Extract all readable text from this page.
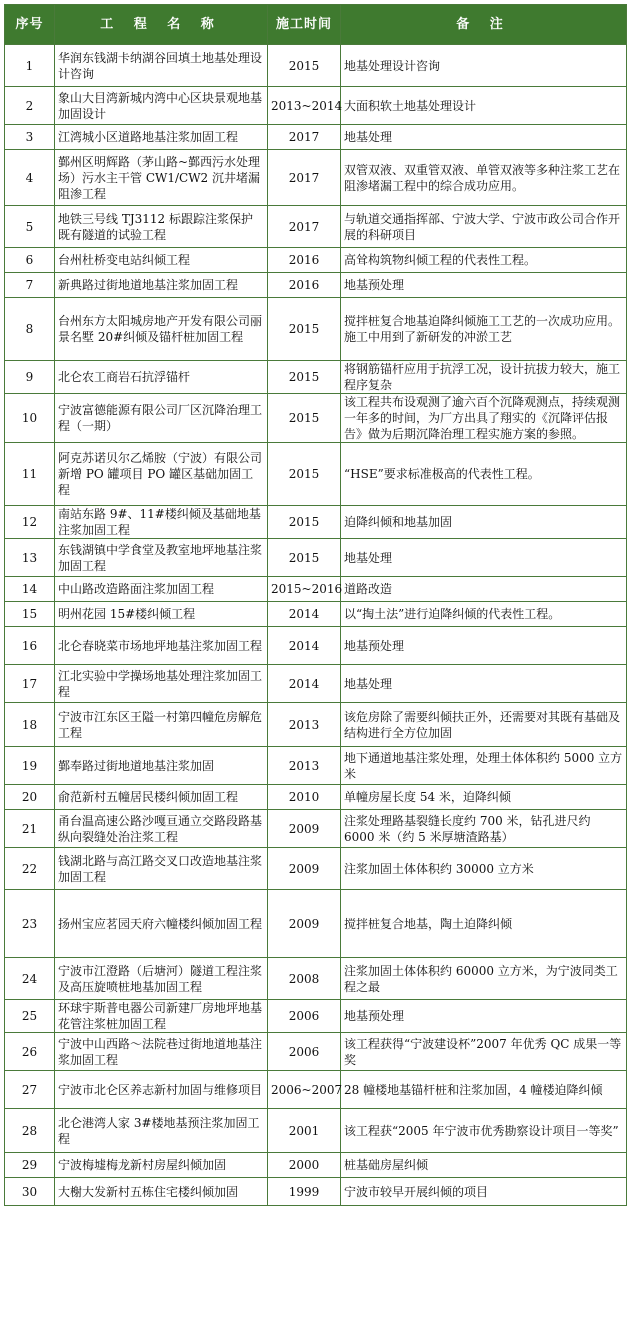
序号	工 程 名 称	施工时间	备 注
1	华润东钱湖卡纳湖谷回填土地基处理设计咨询	2015	地基处理设计咨询
2	象山大目湾新城内湾中心区块景观地基加固设计	2013~2014	大面积软土地基处理设计
3	江湾城小区道路地基注浆加固工程	2017	地基处理
4	鄞州区明辉路（茅山路~鄞西污水处理场）污水主干管 CW1/CW2 沉井堵漏阻渗工程	2017	双管双液、双重管双液、单管双液等多种注浆工艺在阻渗堵漏工程中的综合成功应用。
5	地铁三号线 TJ3112 标跟踪注浆保护既有隧道的试验工程	2017	与轨道交通指挥部、宁波大学、宁波市政公司合作开展的科研项目
6	台州杜桥变电站纠倾工程	2016	高耸构筑物纠倾工程的代表性工程。
7	新典路过街地道地基注浆加固工程	2016	地基预处理
8	台州东方太阳城房地产开发有限公司丽景名墅 20#纠倾及锚杆桩加固工程	2015	搅拌桩复合地基迫降纠倾施工工艺的一次成功应用。施工中用到了新研发的冲淤工艺
9	北仑农工商岩石抗浮锚杆	2015	将钢筋锚杆应用于抗浮工况，设计抗拔力较大，施工程序复杂
10	宁波富德能源有限公司厂区沉降治理工程（一期）	2015	该工程共布设观测了逾六百个沉降观测点，持续观测一年多的时间，为厂方出具了翔实的《沉降评估报告》做为后期沉降治理工程实施方案的参照。
11	阿克苏诺贝尔乙烯胺（宁波）有限公司新增 PO 罐项目 PO 罐区基础加固工程	2015	“HSE”要求标准极高的代表性工程。
12	南站东路 9#、11#楼纠倾及基础地基注浆加固工程	2015	迫降纠倾和地基加固
13	东钱湖镇中学食堂及教室地坪地基注浆加固工程	2015	地基处理
14	中山路改造路面注浆加固工程	2015~2016	道路改造
15	明州花园 15#楼纠倾工程	2014	以“掏土法”进行迫降纠倾的代表性工程。
16	北仑春晓菜市场地坪地基注浆加固工程	2014	地基预处理
17	江北实验中学操场地基处理注浆加固工程	2014	地基处理
18	宁波市江东区王隘一村第四幢危房解危工程	2013	该危房除了需要纠倾扶正外，还需要对其既有基础及结构进行全方位加固
19	鄞奉路过街地道地基注浆加固	2013	地下通道地基注浆处理，处理土体体积约 5000 立方米
20	俞范新村五幢居民楼纠倾加固工程	2010	单幢房屋长度 54 米，迫降纠倾
21	甬台温高速公路沙嘎亘通立交路段路基纵向裂缝处治注浆工程	2009	注浆处理路基裂缝长度约 700 米，钻孔进尺约 6000 米（约 5 米厚塘渣路基）
22	钱湖北路与高江路交叉口改造地基注浆加固工程	2009	注浆加固土体体积约 30000 立方米
23	扬州宝应茗园天府六幢楼纠倾加固工程	2009	搅拌桩复合地基，陶土迫降纠倾
24	宁波市江澄路（后塘河）隧道工程注浆及高压旋喷桩地基加固工程	2008	注浆加固土体体积约 60000 立方米，为宁波同类工程之最
25	环球宇斯普电器公司新建厂房地坪地基花管注浆桩加固工程	2006	地基预处理
26	宁波中山西路～法院巷过街地道地基注浆加固工程	2006	该工程获得“宁波建设杯”2007 年优秀 QC 成果一等奖
27	宁波市北仑区养志新村加固与维修项目	2006~2007	28 幢楼地基锚杆桩和注浆加固，4 幢楼迫降纠倾
28	北仑港湾人家 3#楼地基预注浆加固工程	2001	该工程获“2005 年宁波市优秀勘察设计项目一等奖”
29	宁波梅墟梅龙新村房屋纠倾加固	2000	桩基础房屋纠倾
30	大榭大发新村五栋住宅楼纠倾加固	1999	宁波市较早开展纠倾的项目
